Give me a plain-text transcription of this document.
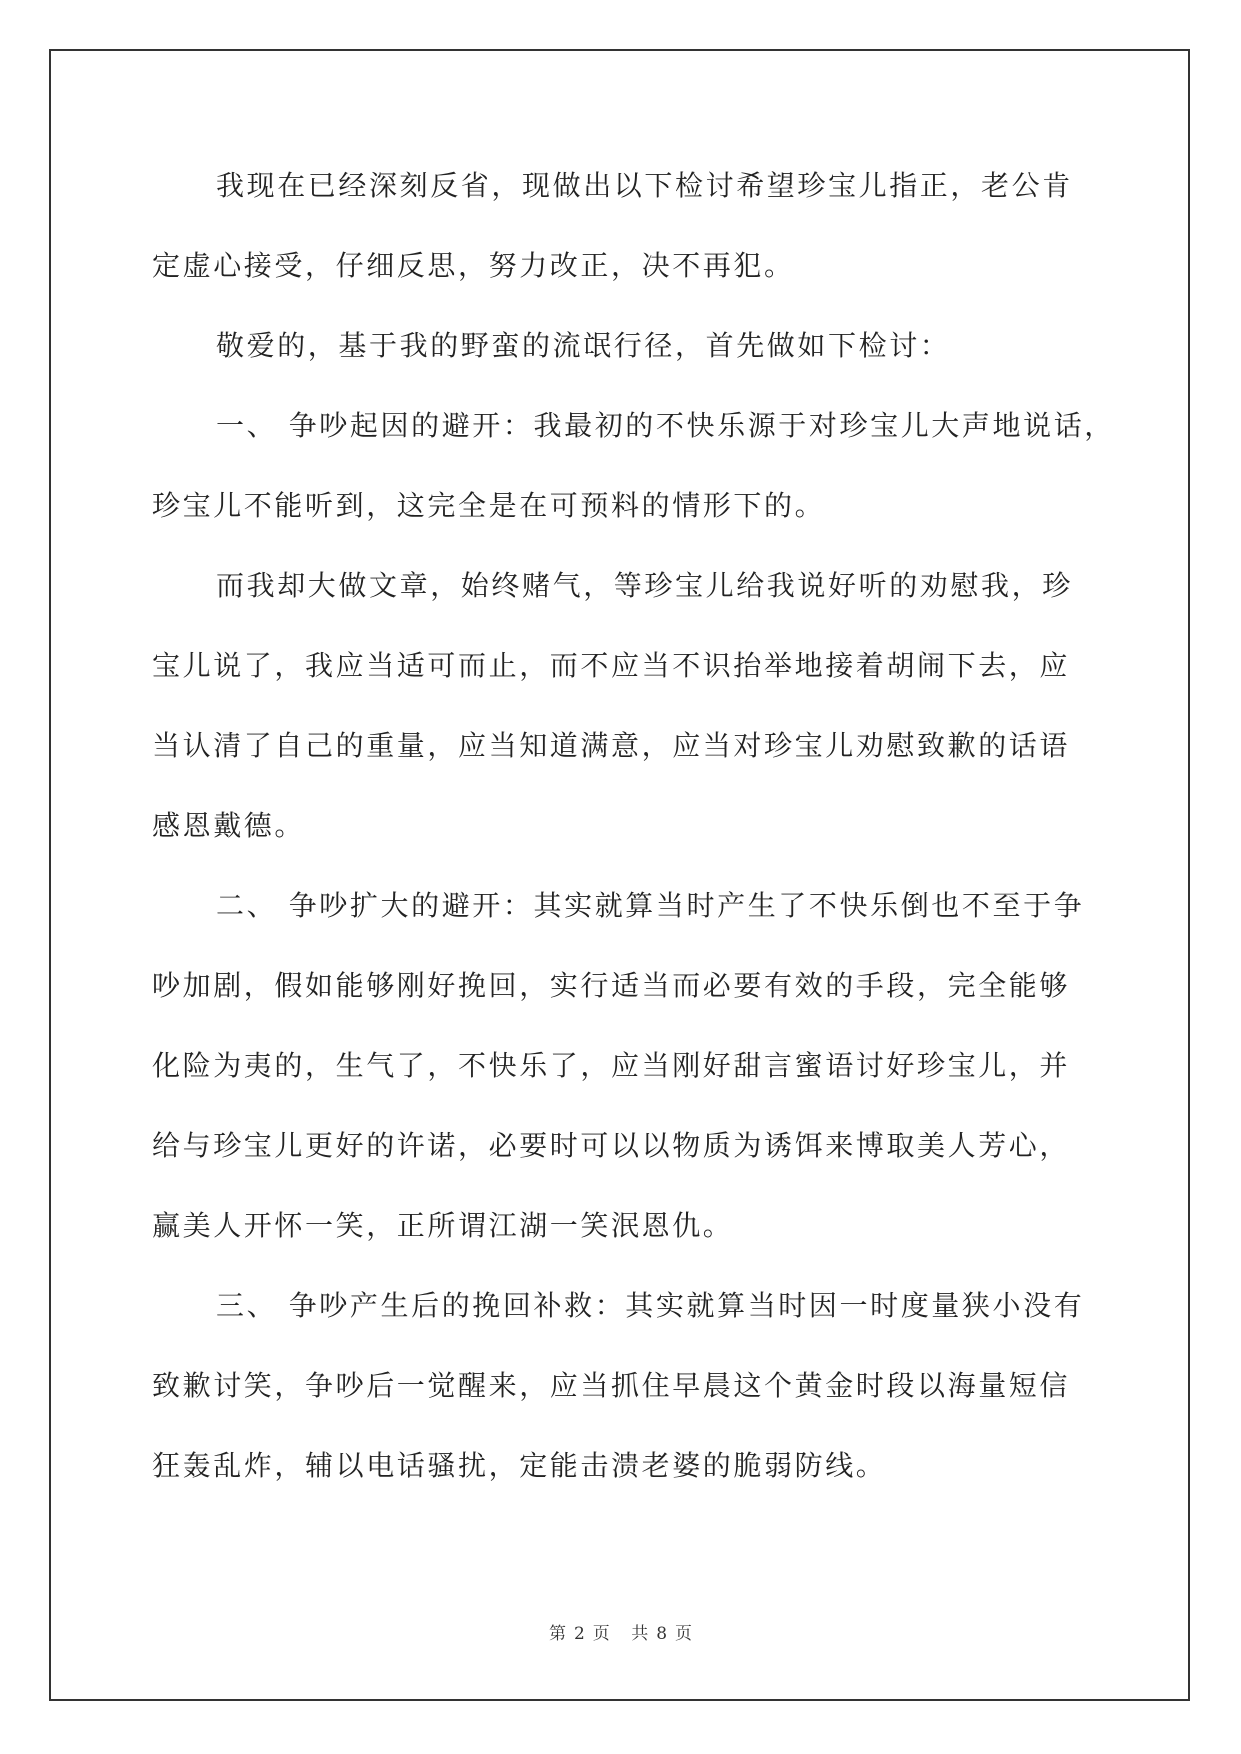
我现在已经深刻反省，现做出以下检讨希望珍宝儿指正，老公肯
定虚心接受，仔细反思，努力改正，决不再犯。
敬爱的，基于我的野蛮的流氓行径，首先做如下检讨：
一、 争吵起因的避开：我最初的不快乐源于对珍宝儿大声地说话，
珍宝儿不能听到，这完全是在可预料的情形下的。
而我却大做文章，始终赌气，等珍宝儿给我说好听的劝慰我，珍
宝儿说了，我应当适可而止，而不应当不识抬举地接着胡闹下去，应
当认清了自己的重量，应当知道满意，应当对珍宝儿劝慰致歉的话语
感恩戴德。
二、 争吵扩大的避开：其实就算当时产生了不快乐倒也不至于争
吵加剧，假如能够刚好挽回，实行适当而必要有效的手段，完全能够
化险为夷的，生气了，不快乐了，应当刚好甜言蜜语讨好珍宝儿，并
给与珍宝儿更好的许诺，必要时可以以物质为诱饵来博取美人芳心，
赢美人开怀一笑，正所谓江湖一笑泯恩仇。
三、 争吵产生后的挽回补救：其实就算当时因一时度量狭小没有
致歉讨笑，争吵后一觉醒来，应当抓住早晨这个黄金时段以海量短信
狂轰乱炸，辅以电话骚扰，定能击溃老婆的脆弱防线。
第 2 页 共 8 页
